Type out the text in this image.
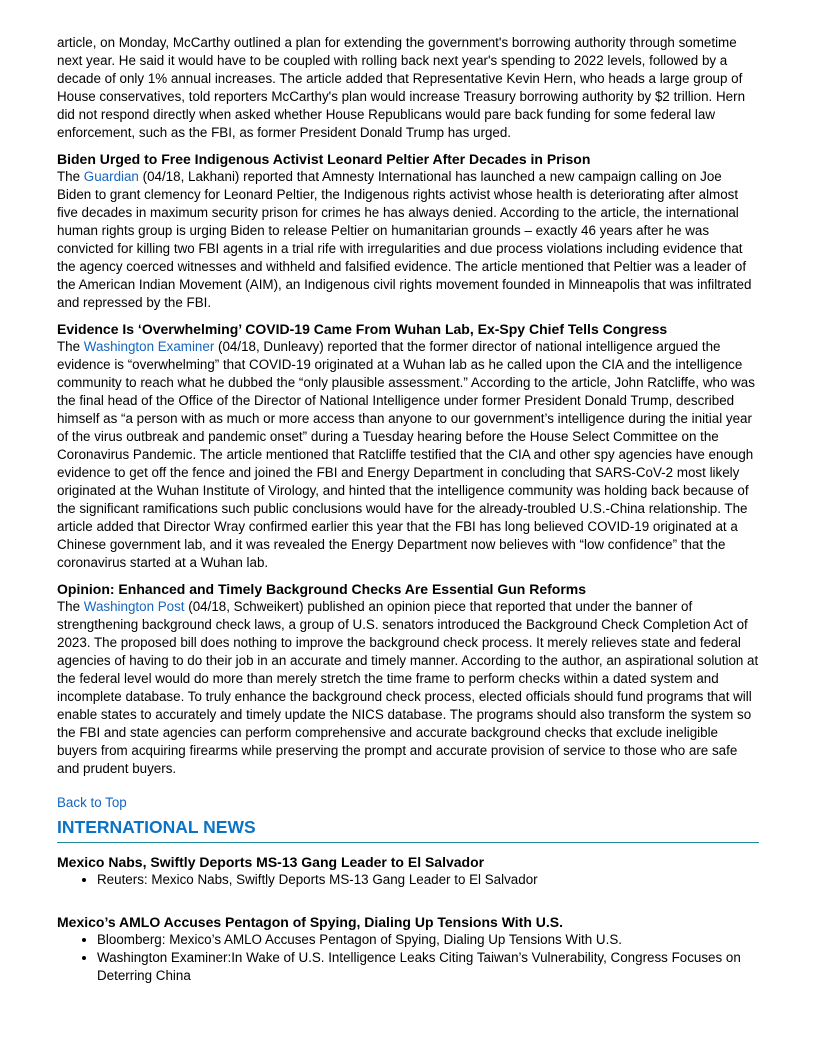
article, on Monday, McCarthy outlined a plan for extending the government's borrowing authority through sometime next year. He said it would have to be coupled with rolling back next year's spending to 2022 levels, followed by a decade of only 1% annual increases. The article added that Representative Kevin Hern, who heads a large group of House conservatives, told reporters McCarthy's plan would increase Treasury borrowing authority by $2 trillion. Hern did not respond directly when asked whether House Republicans would pare back funding for some federal law enforcement, such as the FBI, as former President Donald Trump has urged.

Biden Urged to Free Indigenous Activist Leonard Peltier After Decades in Prison

The Guardian (04/18, Lakhani) reported that Amnesty International has launched a new campaign calling on Joe Biden to grant clemency for Leonard Peltier, the Indigenous rights activist whose health is deteriorating after almost five decades in maximum security prison for crimes he has always denied. According to the article, the international human rights group is urging Biden to release Peltier on humanitarian grounds – exactly 46 years after he was convicted for killing two FBI agents in a trial rife with irregularities and due process violations including evidence that the agency coerced witnesses and withheld and falsified evidence. The article mentioned that Peltier was a leader of the American Indian Movement (AIM), an Indigenous civil rights movement founded in Minneapolis that was infiltrated and repressed by the FBI.

Evidence Is ‘Overwhelming’ COVID-19 Came From Wuhan Lab, Ex-Spy Chief Tells Congress

The Washington Examiner (04/18, Dunleavy) reported that the former director of national intelligence argued the evidence is “overwhelming” that COVID-19 originated at a Wuhan lab as he called upon the CIA and the intelligence community to reach what he dubbed the “only plausible assessment.” According to the article, John Ratcliffe, who was the final head of the Office of the Director of National Intelligence under former President Donald Trump, described himself as “a person with as much or more access than anyone to our government’s intelligence during the initial year of the virus outbreak and pandemic onset” during a Tuesday hearing before the House Select Committee on the Coronavirus Pandemic. The article mentioned that Ratcliffe testified that the CIA and other spy agencies have enough evidence to get off the fence and joined the FBI and Energy Department in concluding that SARS-CoV-2 most likely originated at the Wuhan Institute of Virology, and hinted that the intelligence community was holding back because of the significant ramifications such public conclusions would have for the already-troubled U.S.-China relationship. The article added that Director Wray confirmed earlier this year that the FBI has long believed COVID-19 originated at a Chinese government lab, and it was revealed the Energy Department now believes with “low confidence” that the coronavirus started at a Wuhan lab.

Opinion: Enhanced and Timely Background Checks Are Essential Gun Reforms

The Washington Post (04/18, Schweikert) published an opinion piece that reported that under the banner of strengthening background check laws, a group of U.S. senators introduced the Background Check Completion Act of 2023. The proposed bill does nothing to improve the background check process. It merely relieves state and federal agencies of having to do their job in an accurate and timely manner. According to the author, an aspirational solution at the federal level would do more than merely stretch the time frame to perform checks within a dated system and incomplete database. To truly enhance the background check process, elected officials should fund programs that will enable states to accurately and timely update the NICS database. The programs should also transform the system so the FBI and state agencies can perform comprehensive and accurate background checks that exclude ineligible buyers from acquiring firearms while preserving the prompt and accurate provision of service to those who are safe and prudent buyers.

Back to Top
INTERNATIONAL NEWS

Mexico Nabs, Swiftly Deports MS-13 Gang Leader to El Salvador

• Reuters: Mexico Nabs, Swiftly Deports MS-13 Gang Leader to El Salvador

Mexico’s AMLO Accuses Pentagon of Spying, Dialing Up Tensions With U.S.

• Bloomberg: Mexico’s AMLO Accuses Pentagon of Spying, Dialing Up Tensions With U.S.
• Washington Examiner:In Wake of U.S. Intelligence Leaks Citing Taiwan’s Vulnerability, Congress Focuses on Deterring China
